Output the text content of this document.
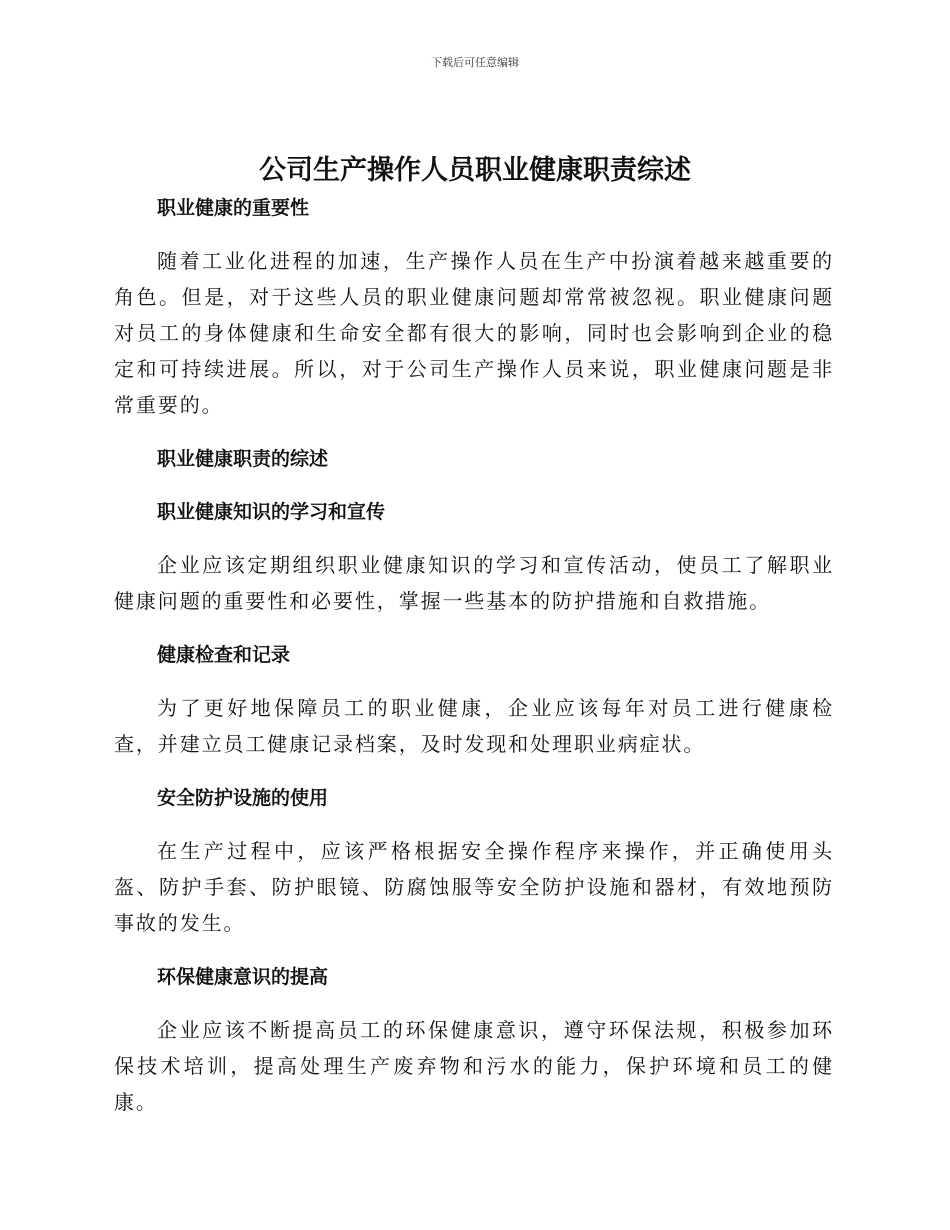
下载后可任意编辑
公司生产操作人员职业健康职责综述
职业健康的重要性

随着工业化进程的加速，生产操作人员在生产中扮演着越来越重要的角色。但是，对于这些人员的职业健康问题却常常被忽视。职业健康问题对员工的身体健康和生命安全都有很大的影响，同时也会影响到企业的稳定和可持续进展。所以，对于公司生产操作人员来说，职业健康问题是非常重要的。

职业健康职责的综述
职业健康知识的学习和宣传

企业应该定期组织职业健康知识的学习和宣传活动，使员工了解职业健康问题的重要性和必要性，掌握一些基本的防护措施和自救措施。

健康检查和记录

为了更好地保障员工的职业健康，企业应该每年对员工进行健康检查，并建立员工健康记录档案，及时发现和处理职业病症状。

安全防护设施的使用

在生产过程中，应该严格根据安全操作程序来操作，并正确使用头盔、防护手套、防护眼镜、防腐蚀服等安全防护设施和器材，有效地预防事故的发生。

环保健康意识的提高

企业应该不断提高员工的环保健康意识，遵守环保法规，积极参加环保技术培训，提高处理生产废弃物和污水的能力，保护环境和员工的健康。
